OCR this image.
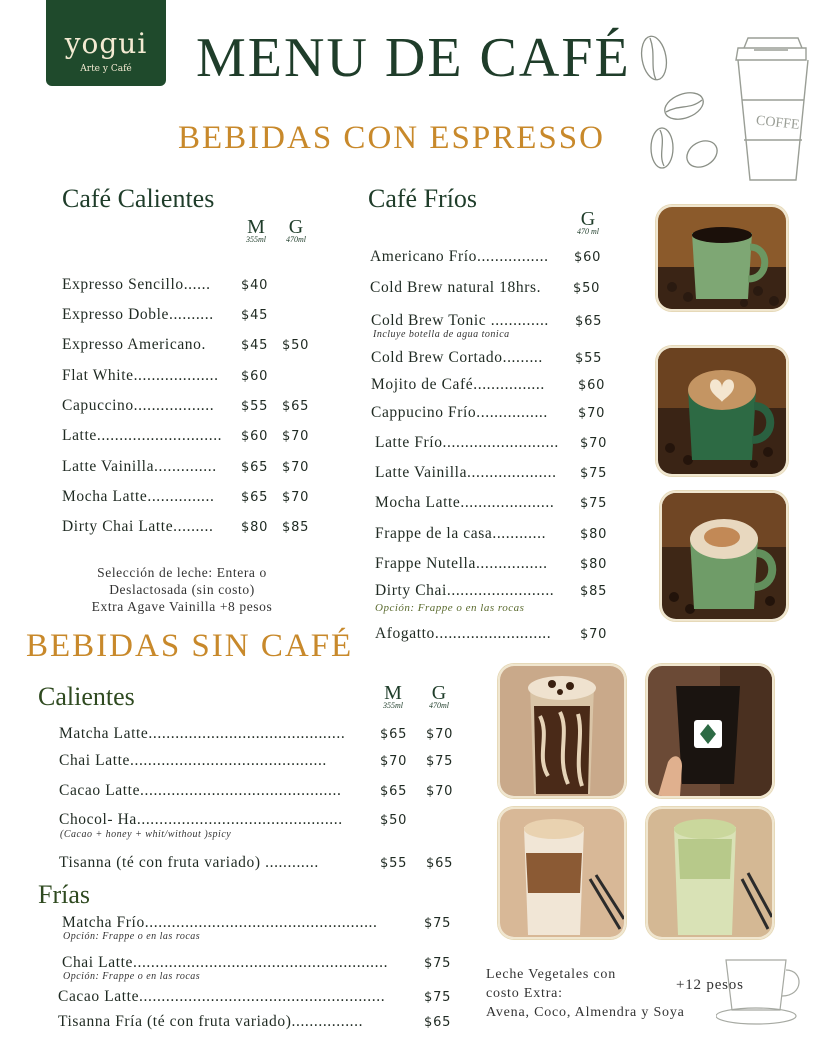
yogui
Arte y Café	MENU DE CAFÉ
COFFE
BEBIDAS CON ESPRESSO
Café Calientes
M
355ml
G
470ml
Expresso Sencillo...... $40
Expresso Doble.......... $45
Expresso Americano.	$45 $50
Flat White................... $60
Capuccino.................. $55 $65
Latte............................ $60 $70
Latte Vainilla.............. $65 $70
Mocha Latte............... $65 $70
Dirty Chai Latte......... $80 $85
Selección de leche: Entera o
Deslactosada (sin costo)
Extra Agave Vainilla +8 pesos
Café Fríos
G
470 ml
Americano Frío................ $60
Cold Brew natural 18hrs. $50
Cold Brew Tonic ............. $65
Incluye botella de agua tonica
Cold Brew Cortado......... $55
Mojito de Café................	$60
Cappucino Frío................ $70
Latte Frío.......................... $70
Latte Vainilla.................... $75
Mocha Latte..................... $75
Frappe de la casa............	$80
Frappe Nutella................ $80
Dirty Chai........................ $85
Opción: Frappe o en las rocas
Afogatto.......................... $70
BEBIDAS SIN CAFÉ
Calientes	M
355ml
G
470ml
Matcha Latte............................................	$65 $70
Chai Latte............................................	$70 $75
Cacao Latte.............................................	$65 $70
Chocol- Ha..............................................	$50
(Cacao + honey + whit/without )spicy
Tisanna (té con fruta variado) ............	$55 $65
Frías
Matcha Frío....................................................	$75
Opción: Frappe o en las rocas
Chai Latte.........................................................	$75
Opción: Frappe o en las rocas
Cacao Latte.......................................................	$75
Tisanna Fría (té con fruta variado)................	$65
Leche Vegetales con
costo Extra:
Avena, Coco, Almendra y Soya
+12 pesos
